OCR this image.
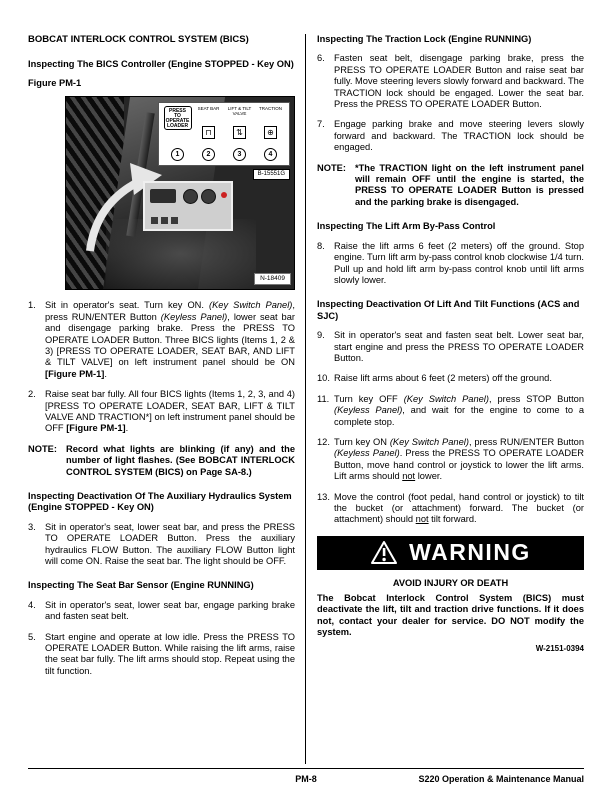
BOBCAT INTERLOCK CONTROL SYSTEM (BICS)
Inspecting The BICS Controller (Engine STOPPED - Key ON)
Figure PM-1
PRESS TO OPERATE LOADER
1
SEAT BAR
⊓
2
LIFT & TILT VALVE
⇅
3
TRACTION
⊕
4
B-15551G
N-18409
1. Sit in operator's seat. Turn key ON. (Key Switch Panel), press RUN/ENTER Button (Keyless Panel), lower seat bar and disengage parking brake. Press the PRESS TO OPERATE LOADER Button. Three BICS lights (Items 1, 2 & 3) [PRESS TO OPERATE LOADER, SEAT BAR, AND LIFT & TILT VALVE] on left instrument panel should be ON [Figure PM-1].
2. Raise seat bar fully. All four BICS lights (Items 1, 2, 3, and 4) [PRESS TO OPERATE LOADER, SEAT BAR, LIFT & TILT VALVE AND TRACTION*] on left instrument panel should be OFF [Figure PM-1].

NOTE: Record what lights are blinking (if any) and the number of light flashes. (See BOBCAT INTERLOCK CONTROL SYSTEM (BICS) on Page SA-8.)

Inspecting Deactivation Of The Auxiliary Hydraulics System (Engine STOPPED - Key ON)
3. Sit in operator's seat, lower seat bar, and press the PRESS TO OPERATE LOADER Button. Press the auxiliary hydraulics FLOW Button. The auxiliary FLOW Button light will come ON. Raise the seat bar. The light should be OFF.
Inspecting The Seat Bar Sensor (Engine RUNNING)
4. Sit in operator's seat, lower seat bar, engage parking brake and fasten seat belt.
5. Start engine and operate at low idle. Press the PRESS TO OPERATE LOADER Button. While raising the lift arms, raise the seat bar fully. The lift arms should stop. Repeat using the tilt function.
Inspecting The Traction Lock (Engine RUNNING)
6. Fasten seat belt, disengage parking brake, press the PRESS TO OPERATE LOADER Button and raise seat bar fully. Move steering levers slowly forward and backward. The TRACTION lock should be engaged. Lower the seat bar. Press the PRESS TO OPERATE LOADER Button.
7. Engage parking brake and move steering levers slowly forward and backward. The TRACTION lock should be engaged.

NOTE: *The TRACTION light on the left instrument panel will remain OFF until the engine is started, the PRESS TO OPERATE LOADER Button is pressed and the parking brake is disengaged.

Inspecting The Lift Arm By-Pass Control
8. Raise the lift arms 6 feet (2 meters) off the ground. Stop engine. Turn lift arm by-pass control knob clockwise 1/4 turn. Pull up and hold lift arm by-pass control knob until lift arms slowly lower.
Inspecting Deactivation Of Lift And Tilt Functions (ACS and SJC)
9. Sit in operator's seat and fasten seat belt. Lower seat bar, start engine and press the PRESS TO OPERATE LOADER Button.
10. Raise lift arms about 6 feet (2 meters) off the ground.
11. Turn key OFF (Key Switch Panel), press STOP Button (Keyless Panel), and wait for the engine to come to a complete stop.
12. Turn key ON (Key Switch Panel), press RUN/ENTER Button (Keyless Panel). Press the PRESS TO OPERATE LOADER Button, move hand control or joystick to lower the lift arms. Lift arms should not lower.
13. Move the control (foot pedal, hand control or joystick) to tilt the bucket (or attachment) forward. The bucket (or attachment) should not tilt forward.
WARNING
AVOID INJURY OR DEATH

The Bobcat Interlock Control System (BICS) must deactivate the lift, tilt and traction drive functions. If it does not, contact your dealer for service. DO NOT modify the system.

W-2151-0394

PM-8	S220 Operation & Maintenance Manual
